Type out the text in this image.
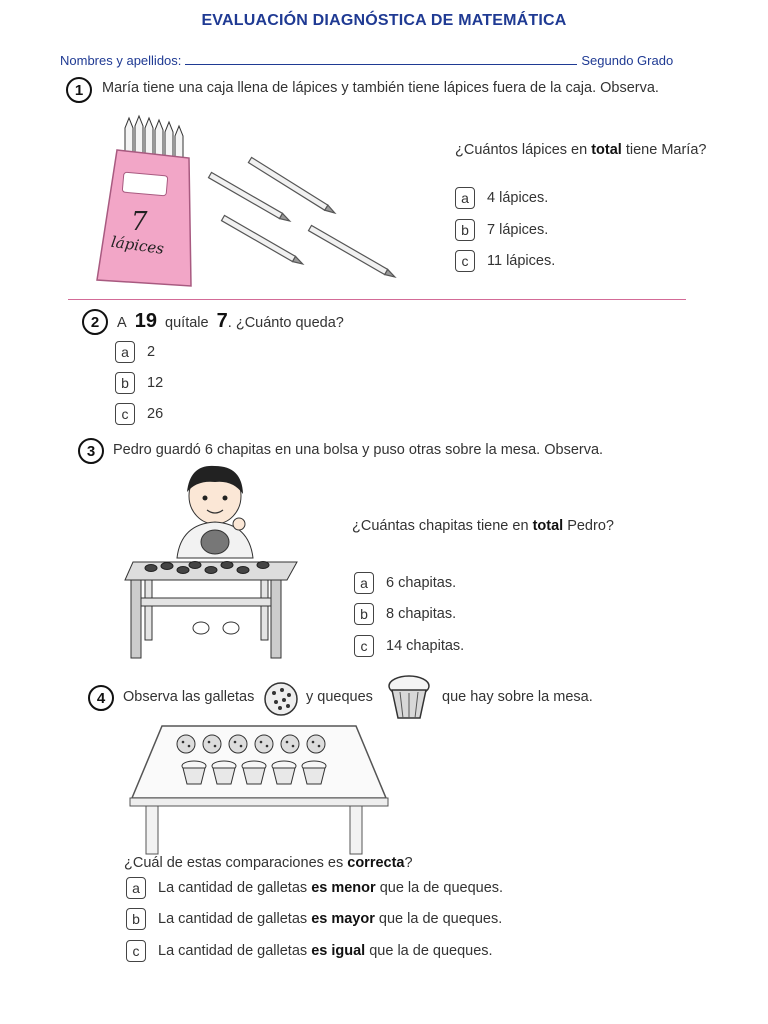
EVALUACIÓN DIAGNÓSTICA DE MATEMÁTICA
Nombres y apellidos:	Segundo Grado
1	María tiene una caja llena de lápices y también tiene lápices fuera de la caja. Observa.
7
lápices
¿Cuántos lápices en total tiene María?
a	4 lápices.
b	7 lápices.
c	11 lápices.
2	A 19 quítale 7. ¿Cuánto queda?
a	2
b	12
c	26
3	Pedro guardó 6 chapitas en una bolsa y puso otras sobre la mesa. Observa.
¿Cuántas chapitas tiene en total Pedro?
a	6 chapitas.
b	8 chapitas.
c	14 chapitas.
4	Observa las galletas	y queques	que hay sobre la mesa.
¿Cuál de estas comparaciones es correcta?
a	La cantidad de galletas
es menor
que la de queques.
b	La cantidad de galletas
es mayor
que la de queques.
c	La cantidad de galletas
es igual
que la de queques.
